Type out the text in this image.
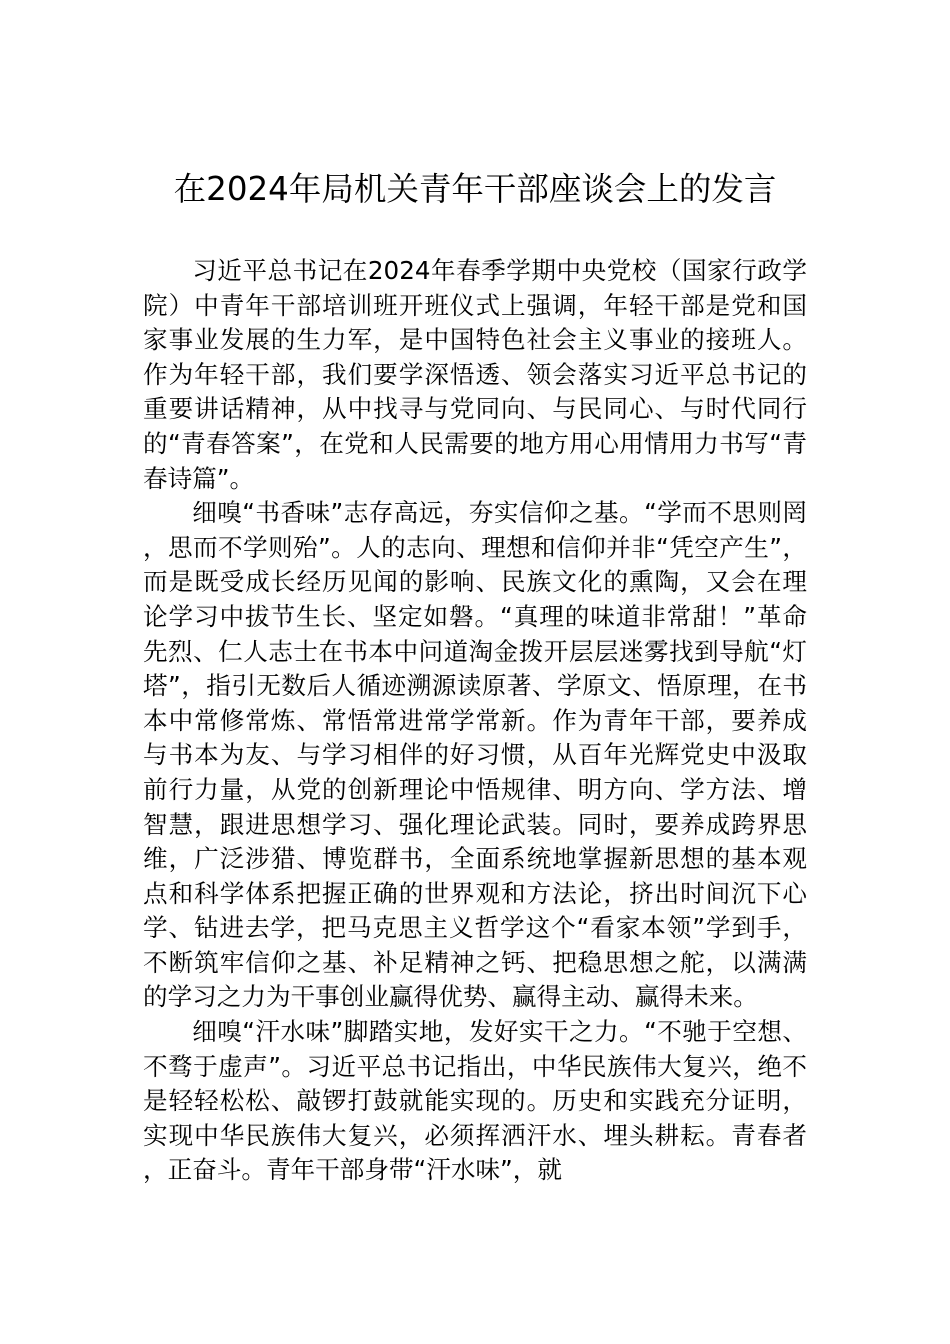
在2024年局机关青年干部座谈会上的发言

习近平总书记在2024年春季学期中央党校（国家行政学院）中青年干部培训班开班仪式上强调，年轻干部是党和国家事业发展的生力军，是中国特色社会主义事业的接班人。作为年轻干部，我们要学深悟透、领会落实习近平总书记的重要讲话精神，从中找寻与党同向、与民同心、与时代同行的“青春答案”，在党和人民需要的地方用心用情用力书写“青春诗篇”。

细嗅“书香味”志存高远，夯实信仰之基。“学而不思则罔，思而不学则殆”。人的志向、理想和信仰并非“凭空产生”，而是既受成长经历见闻的影响、民族文化的熏陶，又会在理论学习中拔节生长、坚定如磐。“真理的味道非常甜！”革命先烈、仁人志士在书本中问道淘金拨开层层迷雾找到导航“灯塔”，指引无数后人循迹溯源读原著、学原文、悟原理，在书本中常修常炼、常悟常进常学常新。作为青年干部，要养成与书本为友、与学习相伴的好习惯，从百年光辉党史中汲取前行力量，从党的创新理论中悟规律、明方向、学方法、增智慧，跟进思想学习、强化理论武装。同时，要养成跨界思维，广泛涉猎、博览群书，全面系统地掌握新思想的基本观点和科学体系把握正确的世界观和方法论，挤出时间沉下心学、钻进去学，把马克思主义哲学这个“看家本领”学到手，不断筑牢信仰之基、补足精神之钙、把稳思想之舵，以满满的学习之力为干事创业赢得优势、赢得主动、赢得未来。

细嗅“汗水味”脚踏实地，发好实干之力。“不驰于空想、不骛于虚声”。习近平总书记指出，中华民族伟大复兴，绝不是轻轻松松、敲锣打鼓就能实现的。历史和实践充分证明，实现中华民族伟大复兴，必须挥洒汗水、埋头耕耘。青春者，正奋斗。青年干部身带“汗水味”，就
